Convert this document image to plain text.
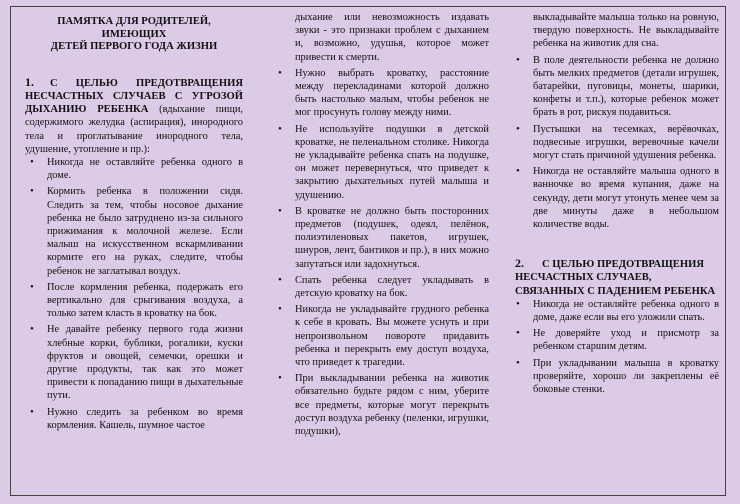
ПАМЯТКА ДЛЯ РОДИТЕЛЕЙ,
ИМЕЮЩИХ
ДЕТЕЙ ПЕРВОГО ГОДА ЖИЗНИ
1. С ЦЕЛЬЮ ПРЕДОТВРАЩЕНИЯ НЕСЧАСТНЫХ СЛУЧАЕВ С УГРОЗОЙ ДЫХАНИЮ РЕБЕНКА (вдыхание пищи, содержимого желудка (аспирация), инородного тела и проглатывание инородного тела, удушение, утопление и пр.):
• Никогда не оставляйте ребенка одного в доме.
• Кормить ребенка в положении сидя. Следить за тем, чтобы носовое дыхание ребенка не было затруднено из-за сильного прижимания к молочной железе. Если малыш на искусственном вскармливании кормите его на руках, следите, чтобы ребенок не заглатывал воздух.
• После кормления ребенка, подержать его вертикально для срыгивания воздуха, а только затем класть в кроватку на бок.
• Не давайте ребенку первого года жизни хлебные корки, бублики, рогалики, куски фруктов и овощей, семечки, орешки и другие продукты, так как это может привести к попаданию пищи в дыхательные пути.
• Нужно следить за ребенком во время кормления. Кашель, шумное частое
дыхание или невозможность издавать звуки - это признаки проблем с дыханием и, возможно, удушья, которое может привести к смерти.
• Нужно выбрать кроватку, расстояние между перекладинами которой должно быть настолько малым, чтобы ребенок не мог просунуть голову между ними.
• Не используйте подушки в детской кроватке, не пеленальном столике. Никогда не укладывайте ребенка спать на подушке, он может перевернуться, что приведет к закрытию дыхательных путей малыша и удушению.
• В кроватке не должно быть посторонних предметов (подушек, одеял, пелёнок, полиэтиленовых пакетов, игрушек, шнуров, лент, бантиков и пр.), в них можно запутаться или задохнуться.
• Спать ребенка следует укладывать в детскую кроватку на бок.
• Никогда не укладывайте грудного ребенка к себе в кровать. Вы можете уснуть и при непроизвольном повороте придавить ребенка и перекрыть ему доступ воздуха, что приведет к трагедии.
• При выкладывании ребенка на животик обязательно будьте рядом с ним, уберите все предметы, которые могут перекрыть доступ воздуха ребенку (пеленки, игрушки, подушки),
выкладывайте малыша только на ровную, твердую поверхность. Не выкладывайте ребенка на животик для сна.
• В поле деятельности ребенка не должно быть мелких предметов (детали игрушек, батарейки, пуговицы, монеты, шарики, конфеты и т.п.), которые ребенок может брать в рот, рискуя подавиться.
• Пустышки на тесемках, верёвочках, подвесные игрушки, веревочные качели могут стать причиной удушения ребенка.
• Никогда не оставляйте малыша одного в ванночке во время купания, даже на секунду, дети могут утонуть менее чем за две минуты даже в небольшом количестве воды.
2. С ЦЕЛЬЮ ПРЕДОТВРАЩЕНИЯ НЕСЧАСТНЫХ СЛУЧАЕВ, СВЯЗАННЫХ С ПАДЕНИЕМ РЕБЕНКА
• Никогда не оставляйте ребенка одного в доме, даже если вы его уложили спать.
• Не доверяйте уход и присмотр за ребенком старшим детям.
• При укладывании малыша в кроватку проверяйте, хорошо ли закреплены её боковые стенки.
